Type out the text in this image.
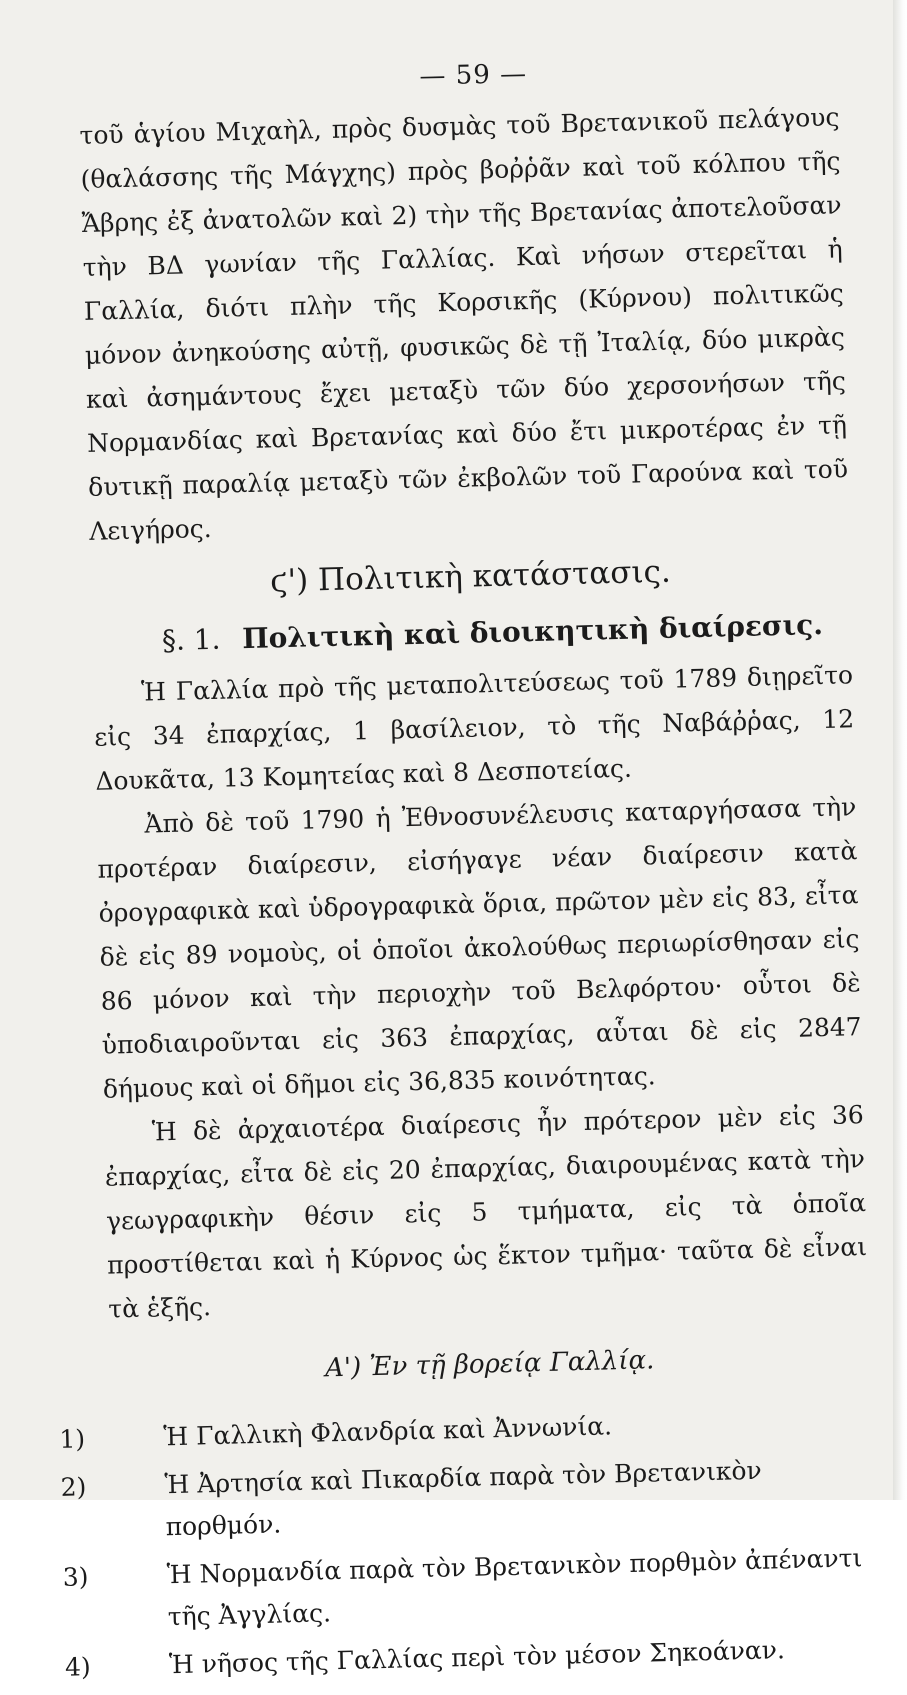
— 59 —

τοῦ ἁγίου Μιχαὴλ, πρὸς δυσμὰς τοῦ Βρετανικοῦ πελάγους (θαλάσσης τῆς Μάγχης) πρὸς βοῤῥᾶν καὶ τοῦ κόλπου τῆς Ἄβρης ἐξ ἀνατολῶν καὶ 2) τὴν τῆς Βρετανίας ἀποτελοῦσαν τὴν ΒΔ γωνίαν τῆς Γαλλίας. Καὶ νήσων στερεῖται ἡ Γαλλία, διότι πλὴν τῆς Κορσικῆς (Κύρνου) πολιτικῶς μόνον ἀνηκούσης αὐτῇ, φυσικῶς δὲ τῇ Ἰταλίᾳ, δύο μικρὰς καὶ ἀσημάντους ἔχει μεταξὺ τῶν δύο χερσονήσων τῆς Νορμανδίας καὶ Βρετανίας καὶ δύο ἔτι μικροτέρας ἐν τῇ δυτικῇ παραλίᾳ μεταξὺ τῶν ἐκβολῶν τοῦ Γαρούνα καὶ τοῦ Λειγήρος.

ϛ') Πολιτικὴ κατάστασις.
§. 1. Πολιτικὴ καὶ διοικητικὴ διαίρεσις.

Ἡ Γαλλία πρὸ τῆς μεταπολιτεύσεως τοῦ 1789 διῃρεῖτο εἰς 34 ἐπαρχίας, 1 βασίλειον, τὸ τῆς Ναβάῤῥας, 12 Δουκᾶτα, 13 Κομητείας καὶ 8 Δεσποτείας.

Ἀπὸ δὲ τοῦ 1790 ἡ Ἐθνοσυνέλευσις καταργήσασα τὴν προτέραν διαίρεσιν, εἰσήγαγε νέαν διαίρεσιν κατὰ ὀρογραφικὰ καὶ ὑδρογραφικὰ ὅρια, πρῶτον μὲν εἰς 83, εἶτα δὲ εἰς 89 νομοὺς, οἱ ὁποῖοι ἀκολούθως περιωρίσθησαν εἰς 86 μόνον καὶ τὴν περιοχὴν τοῦ Βελφόρτου· οὗτοι δὲ ὑποδιαιροῦνται εἰς 363 ἐπαρχίας, αὗται δὲ εἰς 2847 δήμους καὶ οἱ δῆμοι εἰς 36,835 κοινότητας.

Ἡ δὲ ἀρχαιοτέρα διαίρεσις ἦν πρότερον μὲν εἰς 36 ἐπαρχίας, εἶτα δὲ εἰς 20 ἐπαρχίας, διαιρουμένας κατὰ τὴν γεωγραφικὴν θέσιν εἰς 5 τμήματα, εἰς τὰ ὁποῖα προστίθεται καὶ ἡ Κύρνος ὡς ἕκτον τμῆμα· ταῦτα δὲ εἶναι τὰ ἑξῆς.

Α') Ἐν τῇ βορείᾳ Γαλλίᾳ.
1)	Ἡ Γαλλικὴ Φλανδρία καὶ Ἀννωνία.
2)	Ἡ Ἀρτησία καὶ Πικαρδία παρὰ τὸν Βρετανικὸν πορθμόν.
3)	Ἡ Νορμανδία παρὰ τὸν Βρετανικὸν πορθμὸν ἀπέναντι τῆς Ἀγγλίας.
4)	Ἡ νῆσος τῆς Γαλλίας περὶ τὸν μέσον Σηκοάναν.
